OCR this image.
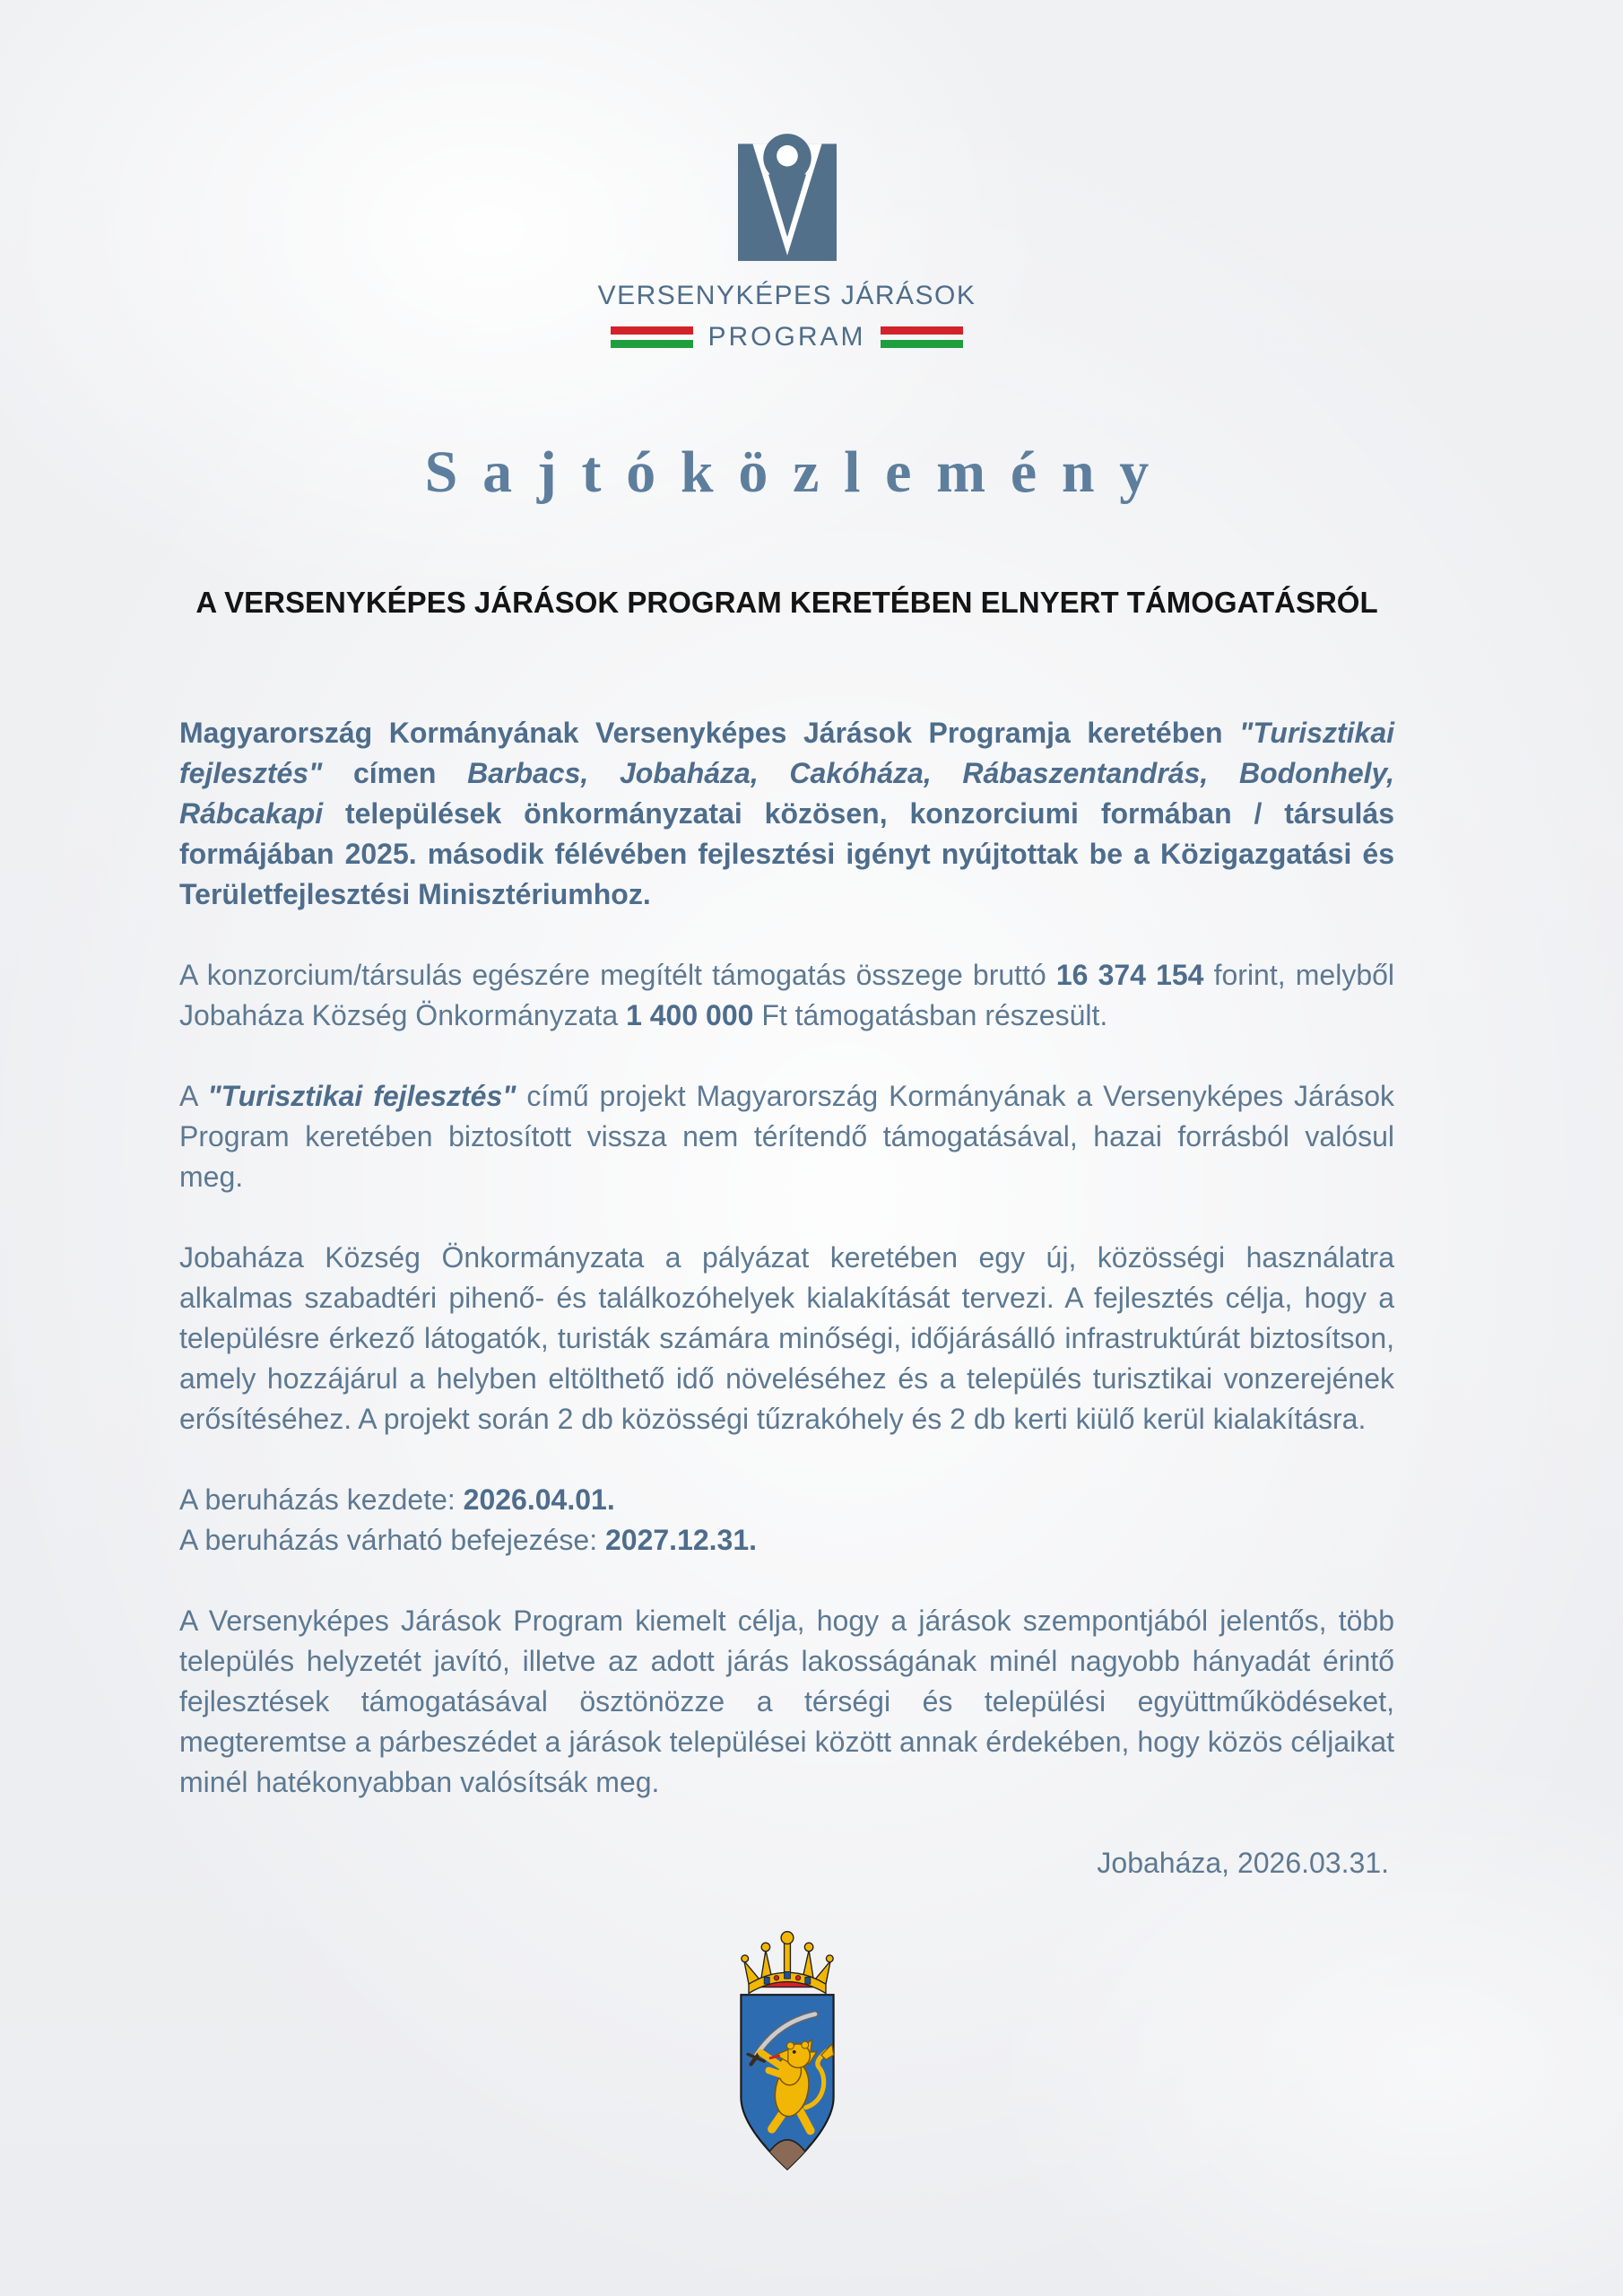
VERSENYKÉPES JÁRÁSOK
PROGRAM
Sajtóközlemény
A VERSENYKÉPES JÁRÁSOK PROGRAM KERETÉBEN ELNYERT TÁMOGATÁSRÓL

Magyarország Kormányának Versenyképes Járások Programja keretében "Turisztikai fejlesztés" címen Barbacs, Jobaháza, Cakóháza, Rábaszentandrás, Bodonhely, Rábcakapi települések önkormányzatai közösen, konzorciumi formában / társulás formájában 2025. második félévében fejlesztési igényt nyújtottak be a Közigazgatási és Területfejlesztési Minisztériumhoz.

A konzorcium/társulás egészére megítélt támogatás összege bruttó 16 374 154 forint, melyből Jobaháza Község Önkormányzata 1 400 000 Ft támogatásban részesült.

A "Turisztikai fejlesztés" című projekt Magyarország Kormányának a Versenyképes Járások Program keretében biztosított vissza nem térítendő támogatásával, hazai forrásból valósul meg.

Jobaháza Község Önkormányzata a pályázat keretében egy új, közösségi használatra alkalmas szabadtéri pihenő- és találkozóhelyek kialakítását tervezi. A fejlesztés célja, hogy a településre érkező látogatók, turisták számára minőségi, időjárásálló infrastruktúrát biztosítson, amely hozzájárul a helyben eltölthető idő növeléséhez és a település turisztikai vonzerejének erősítéséhez. A projekt során 2 db közösségi tűzrakóhely és 2 db kerti kiülő kerül kialakításra.

A beruházás kezdete: 2026.04.01.

A beruházás várható befejezése: 2027.12.31.

A Versenyképes Járások Program kiemelt célja, hogy a járások szempontjából jelentős, több település helyzetét javító, illetve az adott járás lakosságának minél nagyobb hányadát érintő fejlesztések támogatásával ösztönözze a térségi és települési együttműködéseket, megteremtse a párbeszédet a járások települései között annak érdekében, hogy közös céljaikat minél hatékonyabban valósítsák meg.

Jobaháza, 2026.03.31.
